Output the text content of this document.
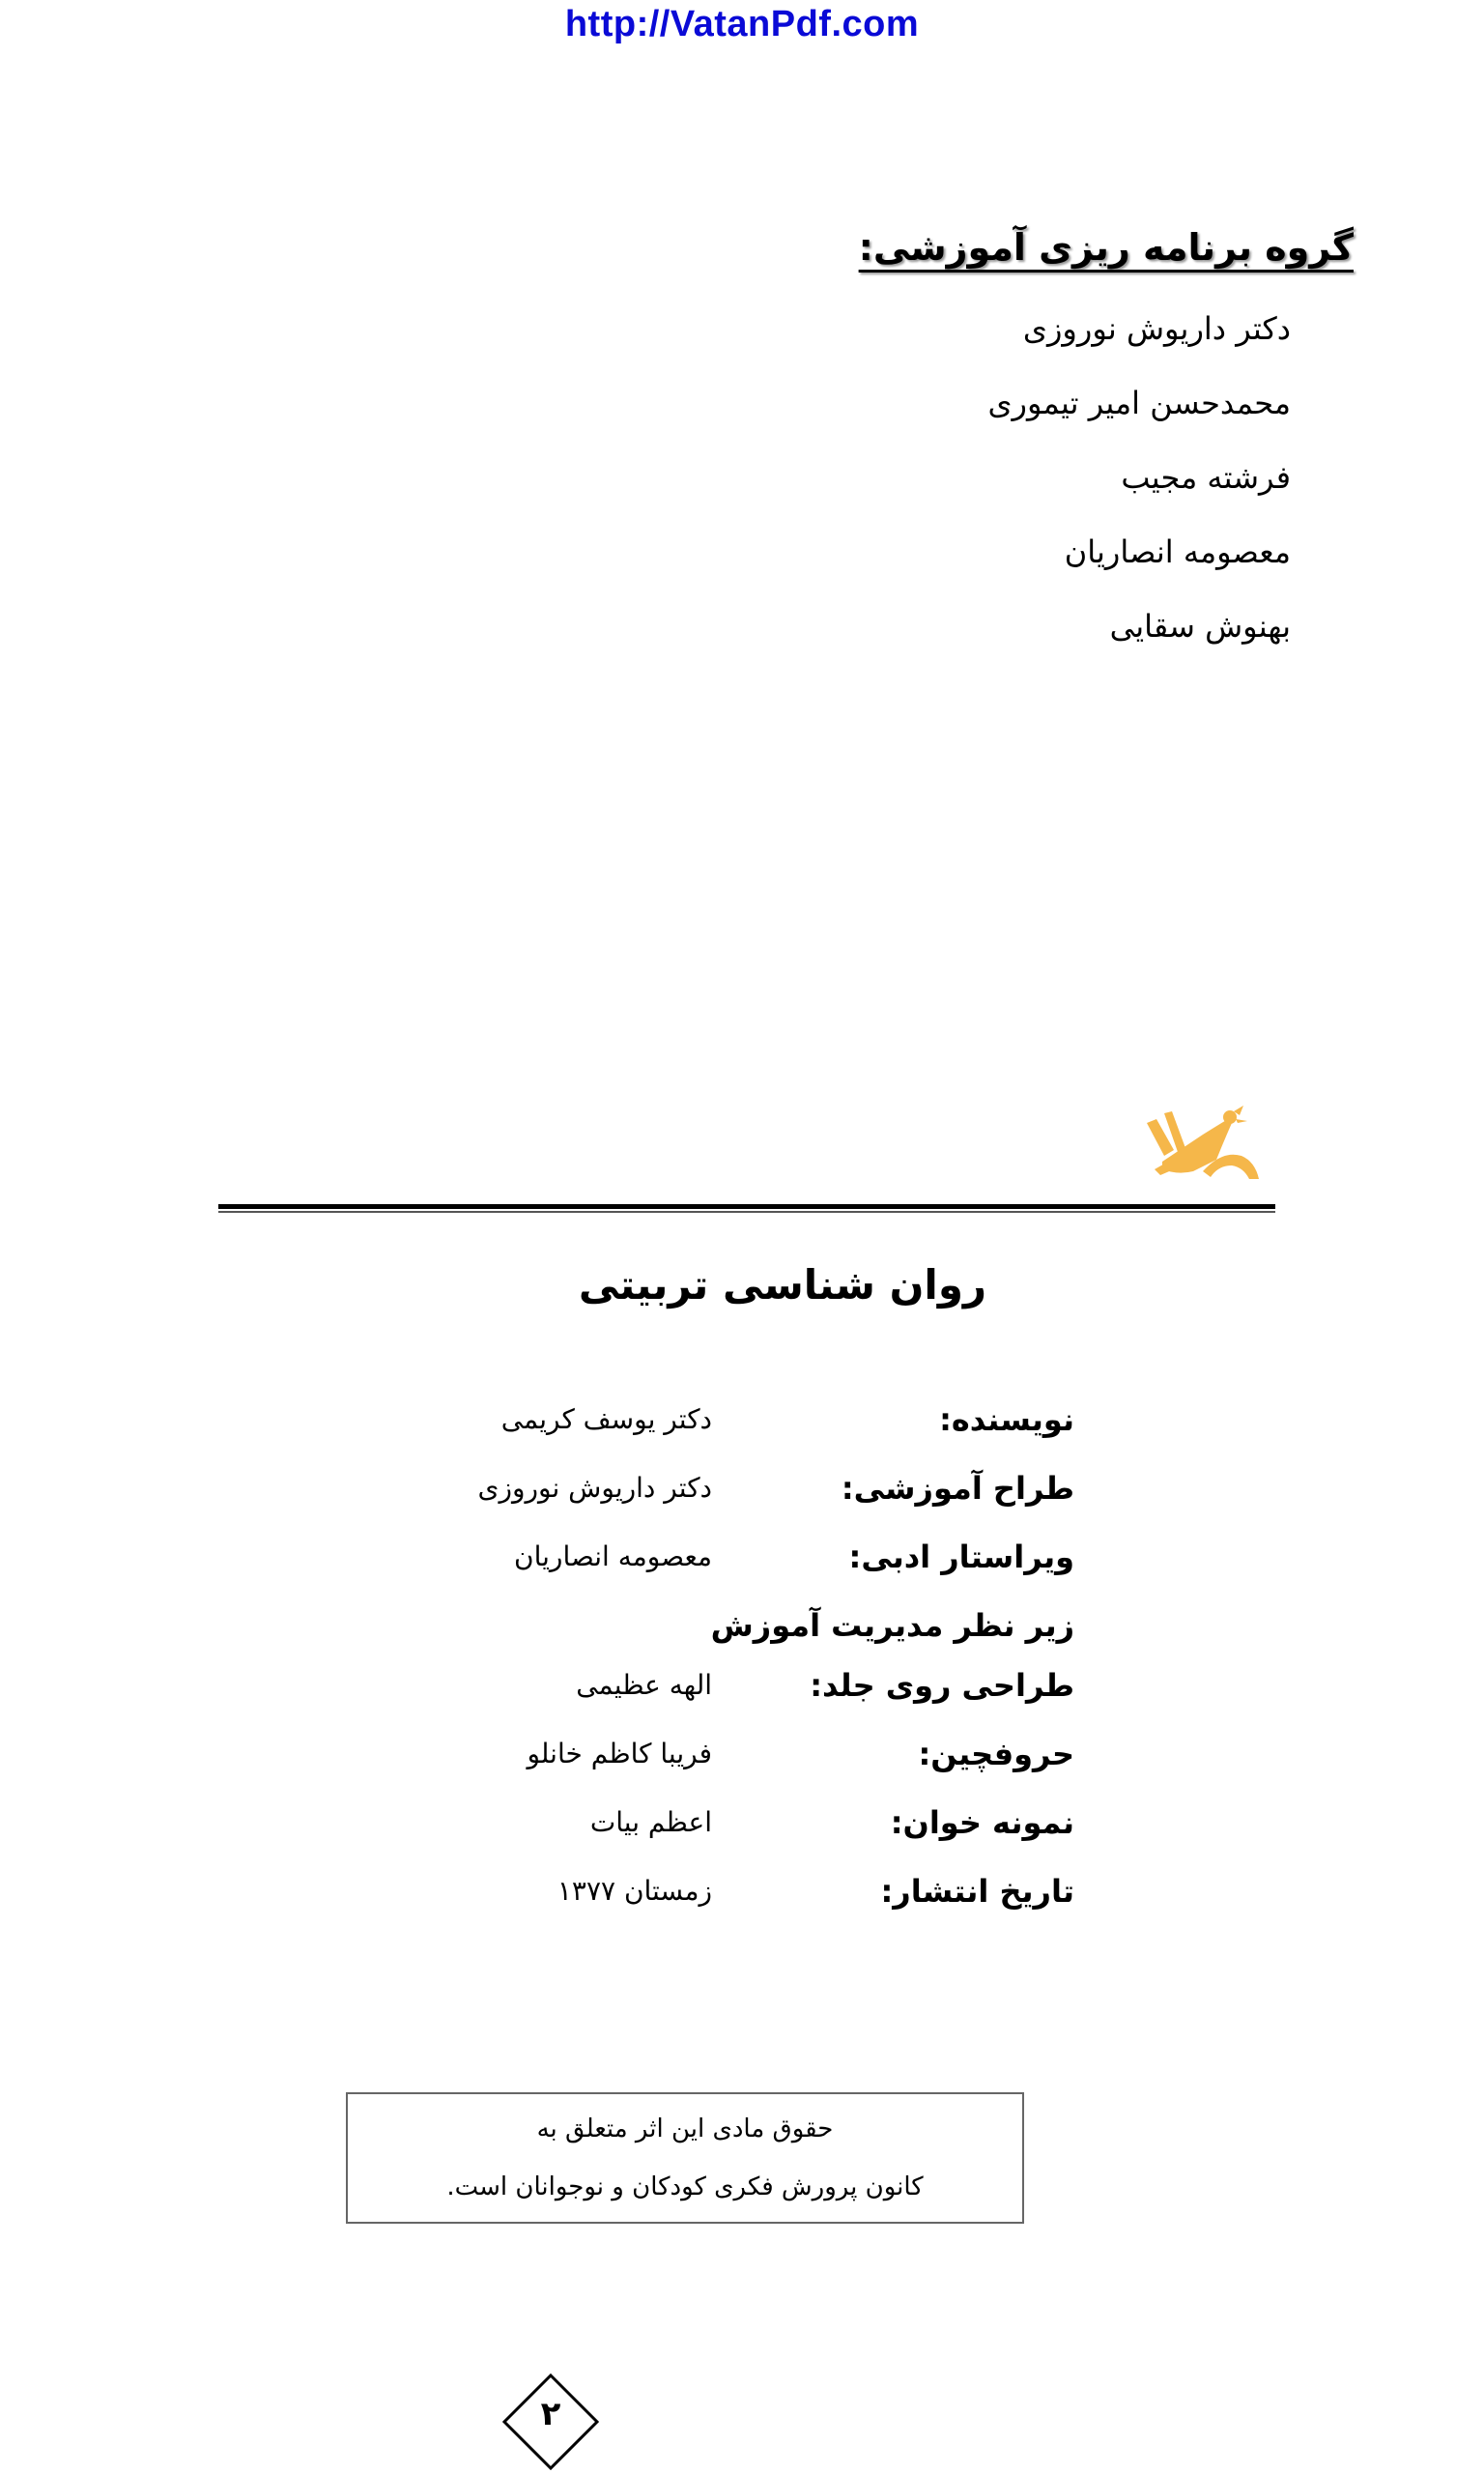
http://VatanPdf.com
گروه برنامه ریزی آموزشی:
دکتر داریوش نوروزی
محمدحسن امیر تیموری
فرشته مجیب
معصومه انصاریان
بهنوش سقایی
روان شناسی تربیتی
نویسنده:
دکتر یوسف کریمی
طراح آموزشی:
دکتر داریوش نوروزی
ویراستار ادبی:
معصومه انصاریان
زیر نظر مدیریت آموزش
طراحی روی جلد:
الهه عظیمی
حروفچین:
فریبا کاظم خانلو
نمونه خوان:
اعظم بیات
تاریخ انتشار:
زمستان ۱۳۷۷
حقوق مادی این اثر متعلق به
کانون پرورش فکری کودکان و نوجوانان است.
۲
